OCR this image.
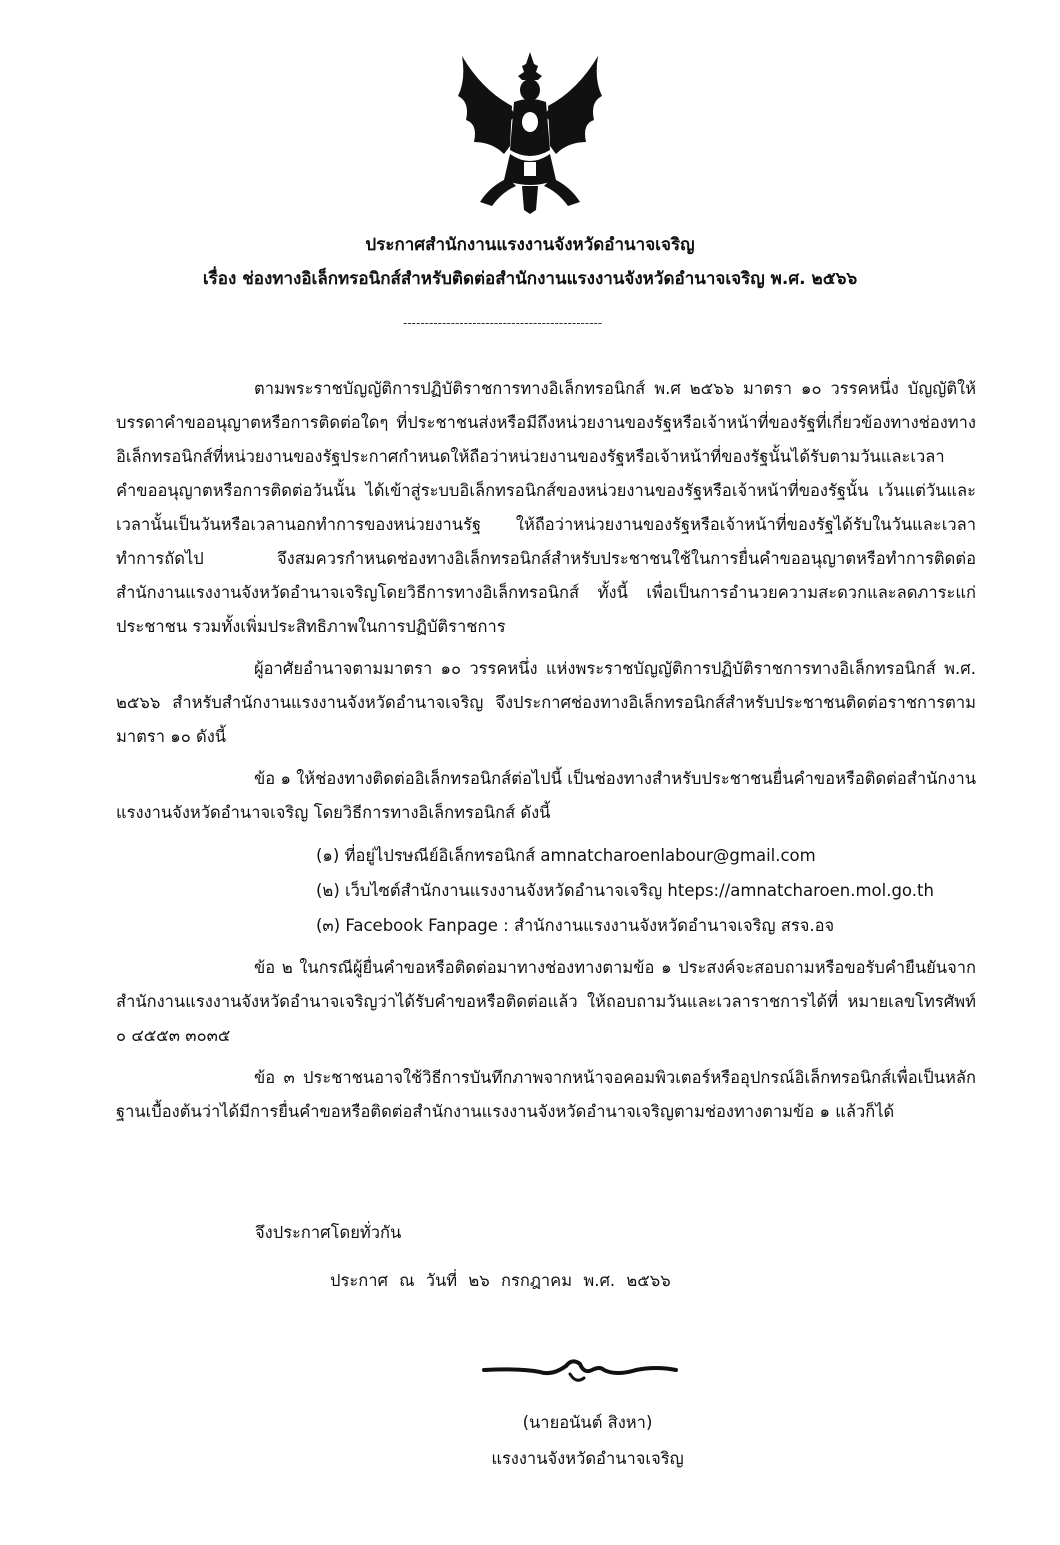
ประกาศสำนักงานแรงงานจังหวัดอำนาจเจริญ
เรื่อง ช่องทางอิเล็กทรอนิกส์สำหรับติดต่อสำนักงานแรงงานจังหวัดอำนาจเจริญ พ.ศ. ๒๕๖๖
----------------------------------------------

ตามพระราชบัญญัติการปฏิบัติราชการทางอิเล็กทรอนิกส์ พ.ศ ๒๕๖๖ มาตรา ๑๐ วรรคหนึ่ง บัญญัติให้บรรดาคำขออนุญาตหรือการติดต่อใดๆ ที่ประชาชนส่งหรือมีถึงหน่วยงานของรัฐหรือเจ้าหน้าที่ของรัฐที่เกี่ยวข้องทางช่องทางอิเล็กทรอนิกส์ที่หน่วยงานของรัฐประกาศกำหนดให้ถือว่าหน่วยงานของรัฐหรือเจ้าหน้าที่ของรัฐนั้นได้รับตามวันและเวลาคำขออนุญาตหรือการติดต่อวันนั้น ได้เข้าสู่ระบบอิเล็กทรอนิกส์ของหน่วยงานของรัฐหรือเจ้าหน้าที่ของรัฐนั้น เว้นแต่วันและเวลานั้นเป็นวันหรือเวลานอกทำการของหน่วยงานรัฐ ให้ถือว่าหน่วยงานของรัฐหรือเจ้าหน้าที่ของรัฐได้รับในวันและเวลาทำการถัดไป จึงสมควรกำหนดช่องทางอิเล็กทรอนิกส์สำหรับประชาชนใช้ในการยื่นคำขออนุญาตหรือทำการติดต่อสำนักงานแรงงานจังหวัดอำนาจเจริญโดยวิธีการทางอิเล็กทรอนิกส์ ทั้งนี้ เพื่อเป็นการอำนวยความสะดวกและลดภาระแก่ประชาชน รวมทั้งเพิ่มประสิทธิภาพในการปฏิบัติราชการ

ผู้อาศัยอำนาจตามมาตรา ๑๐ วรรคหนึ่ง แห่งพระราชบัญญัติการปฏิบัติราชการทางอิเล็กทรอนิกส์ พ.ศ. ๒๕๖๖ สำหรับสำนักงานแรงงานจังหวัดอำนาจเจริญ จึงประกาศช่องทางอิเล็กทรอนิกส์สำหรับประชาชนติดต่อราชการตามมาตรา ๑๐ ดังนี้

ข้อ ๑ ให้ช่องทางติดต่ออิเล็กทรอนิกส์ต่อไปนี้ เป็นช่องทางสำหรับประชาชนยื่นคำขอหรือติดต่อสำนักงานแรงงานจังหวัดอำนาจเจริญ โดยวิธีการทางอิเล็กทรอนิกส์ ดังนี้

(๑) ที่อยู่ไปรษณีย์อิเล็กทรอนิกส์ amnatcharoenlabour@gmail.com
(๒) เว็บไซต์สำนักงานแรงงานจังหวัดอำนาจเจริญ hteps://amnatcharoen.mol.go.th
(๓) Facebook Fanpage : สำนักงานแรงงานจังหวัดอำนาจเจริญ สรจ.อจ

ข้อ ๒ ในกรณีผู้ยื่นคำขอหรือติดต่อมาทางช่องทางตามข้อ ๑ ประสงค์จะสอบถามหรือขอรับคำยืนยันจากสำนักงานแรงงานจังหวัดอำนาจเจริญว่าได้รับคำขอหรือติดต่อแล้ว ให้ถอบถามวันและเวลาราชการได้ที่ หมายเลขโทรศัพท์ ๐ ๔๕๕๓ ๓๐๓๕

ข้อ ๓ ประชาชนอาจใช้วิธีการบันทึกภาพจากหน้าจอคอมพิวเตอร์หรืออุปกรณ์อิเล็กทรอนิกส์เพื่อเป็นหลักฐานเบื้องต้นว่าได้มีการยื่นคำขอหรือติดต่อสำนักงานแรงงานจังหวัดอำนาจเจริญตามช่องทางตามข้อ ๑ แล้วก็ได้

จึงประกาศโดยทั่วกัน
ประกาศ ณ วันที่ ๒๖ กรกฎาคม พ.ศ. ๒๕๖๖
(นายอนันต์ สิงหา)
แรงงานจังหวัดอำนาจเจริญ
